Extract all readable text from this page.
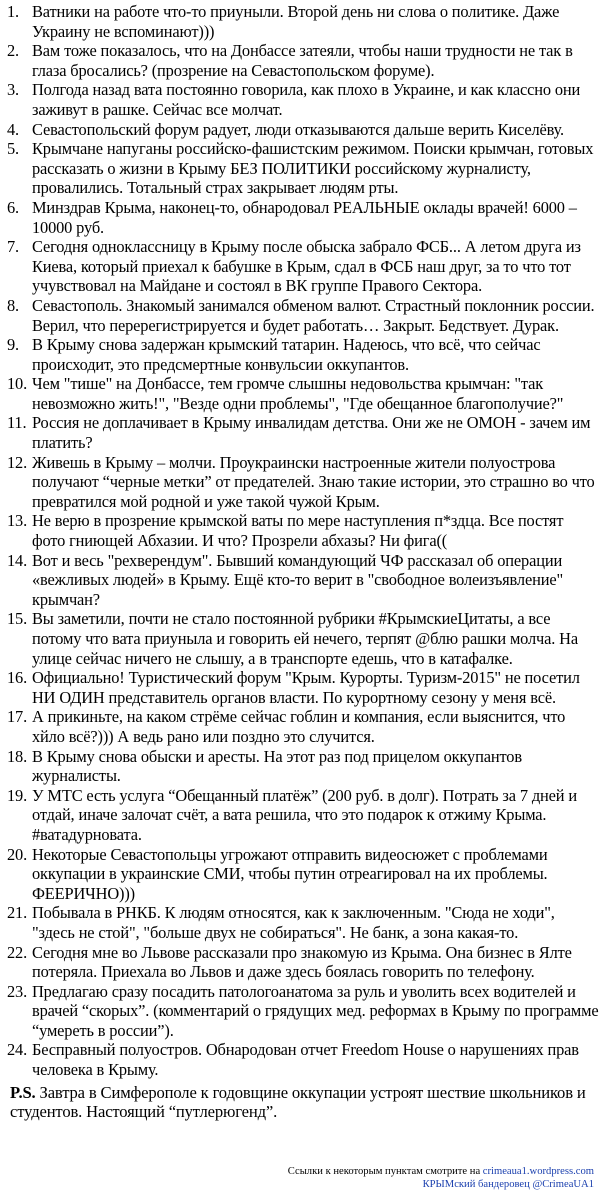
1. Ватники на работе что-то приуныли. Второй день ни слова о политике. Даже Украину не вспоминают)))
2. Вам тоже показалось, что на Донбассе затеяли, чтобы наши трудности не так в глаза бросались? (прозрение на Севастопольском форуме).
3. Полгода назад вата постоянно говорила, как плохо в Украине, и как классно они заживут в рашке. Сейчас все молчат.
4. Севастопольский форум радует, люди отказываются дальше верить Киселёву.
5. Крымчане напуганы российско-фашистским режимом. Поиски крымчан, готовых рассказать о жизни в Крыму БЕЗ ПОЛИТИКИ российскому журналисту, провалились. Тотальный страх закрывает людям рты.
6. Минздрав Крыма, наконец-то, обнародовал РЕАЛЬНЫЕ оклады врачей! 6000 – 10000 руб.
7. Сегодня одноклассницу в Крыму после обыска забрало ФСБ... А летом друга из Киева, который приехал к бабушке в Крым, сдал в ФСБ наш друг, за то что тот учувствовал на Майдане и состоял в ВК группе Правого Сектора.
8. Севастополь. Знакомый занимался обменом валют. Страстный поклонник россии. Верил, что перерегистрируется и будет работать… Закрыт. Бедствует. Дурак.
9. В Крыму снова задержан крымский татарин. Надеюсь, что всё, что сейчас происходит, это предсмертные конвульсии оккупантов.
10. Чем "тише" на Донбассе, тем громче слышны недовольства крымчан: "так невозможно жить!", "Везде одни проблемы", "Где обещанное благополучие?"
11. Россия не доплачивает в Крыму инвалидам детства. Они же не ОМОН - зачем им платить?
12. Живешь в Крыму – молчи. Проукраински настроенные жители полуострова получают “черные метки” от предателей. Знаю такие истории, это страшно во что превратился мой родной и уже такой чужой Крым.
13. Не верю в прозрение крымской ваты по мере наступления п*здца. Все постят фото гниющей Абхазии. И что? Прозрели абхазы? Ни фига((
14. Вот и весь "рехверендум". Бывший командующий ЧФ рассказал об операции «вежливых людей» в Крыму. Ещё кто-то верит в "свободное волеизъявление" крымчан?
15. Вы заметили, почти не стало постоянной рубрики #КрымскиеЦитаты, а все потому что вата приуныла и говорить ей нечего, терпят @блю рашки молча. На улице сейчас ничего не слышу, а в транспорте едешь, что в катафалке.
16. Официально! Туристический форум "Крым. Курорты. Туризм-2015" не посетил НИ ОДИН представитель органов власти. По курортному сезону у меня всё.
17. А прикиньте, на каком стрёме сейчас гоблин и компания, если выяснится, что хйло всё?))) А ведь рано или поздно это случится.
18. В Крыму снова обыски и аресты. На этот раз под прицелом оккупантов журналисты.
19. У МТС есть услуга “Обещанный платёж” (200 руб. в долг). Потрать за 7 дней и отдай, иначе залочат счёт, а вата решила, что это подарок к отжиму Крыма. #ватадурновата.
20. Некоторые Севастопольцы угрожают отправить видеосюжет с проблемами оккупации в украинские СМИ, чтобы путин отреагировал на их проблемы. ФЕЕРИЧНО)))
21. Побывала в РНКБ. К людям относятся, как к заключенным. "Сюда не ходи", "здесь не стой", "больше двух не собираться". Не банк, а зона какая-то.
22. Сегодня мне во Львове рассказали про знакомую из Крыма. Она бизнес в Ялте потеряла. Приехала во Львов и даже здесь боялась говорить по телефону.
23. Предлагаю сразу посадить патологоанатома за руль и уволить всех водителей и врачей “скорых”. (комментарий о грядущих мед. реформах в Крыму по программе “умереть в россии”).
24. Бесправный полуостров. Обнародован отчет Freedom House о нарушениях прав человека в Крыму.
P.S. Завтра в Симферополе к годовщине оккупации устроят шествие школьников и студентов. Настоящий “путлерюгенд”.
Ссылки к некоторым пунктам смотрите на crimeaua1.wordpress.com
КРЫМский бандеровец @CrimeaUA1
